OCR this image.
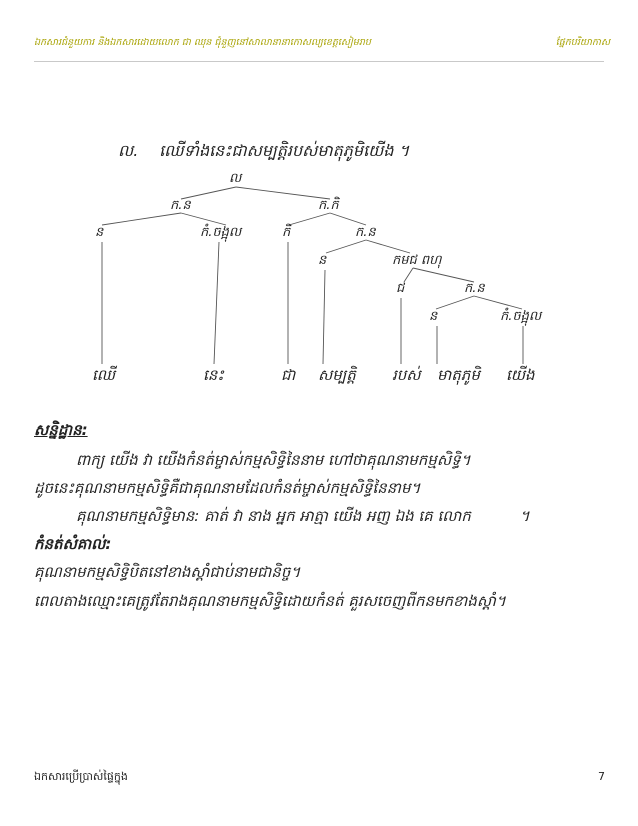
ឯកសារជំនួយការ និងឯកសារដោយលោក ជា ឈុន ជុំនួញនៅសាលានានាកោសល្យខេត្តសៀមរាប	ផ្នែកបរិយាកាស
ល. ឈើទាំងនេះជាសម្បត្តិរបស់មាតុភូមិយើង ។
ល
ក.ន	ក.កិ
ន	កំ.ចង្អុល	កិ	ក.ន
ន	កមជ ពហុ
ជ	ក.ន
ន	កំ.ចង្អុល
ឈើ	នេះ	ជា សម្បត្តិ របស់ មាតុភូមិ យើង
សន្និដ្ឋាន:
ពាក្យ យើង វា យើងកំនត់ម្ចាស់កម្មសិទ្ធិនៃនាម ហៅថាគុណនាមកម្មសិទ្ធិ។
ដូចនេះគុណនាមកម្មសិទ្ធិគឺជាគុណនាមដែលកំនត់ម្ចាស់កម្មសិទ្ធិនៃនាម។
គុណនាមកម្មសិទ្ធិមាន: គាត់ វា នាង អ្នក អាត្មា យើង អញ ឯង គេ លោក	។
កំនត់សំគាល់:
គុណនាមកម្មសិទ្ធិបិតនៅខាងស្តាំជាប់នាមជានិច្ច។
ពេលតាងឈ្មោះគេត្រូវតែរាងគុណនាមកម្មសិទ្ធិដោយកំនត់ គួរសចេញពីកនមកខាងស្តាំ។
ឯកសារប្រើប្រាស់ផ្ទៃក្នុង	7
